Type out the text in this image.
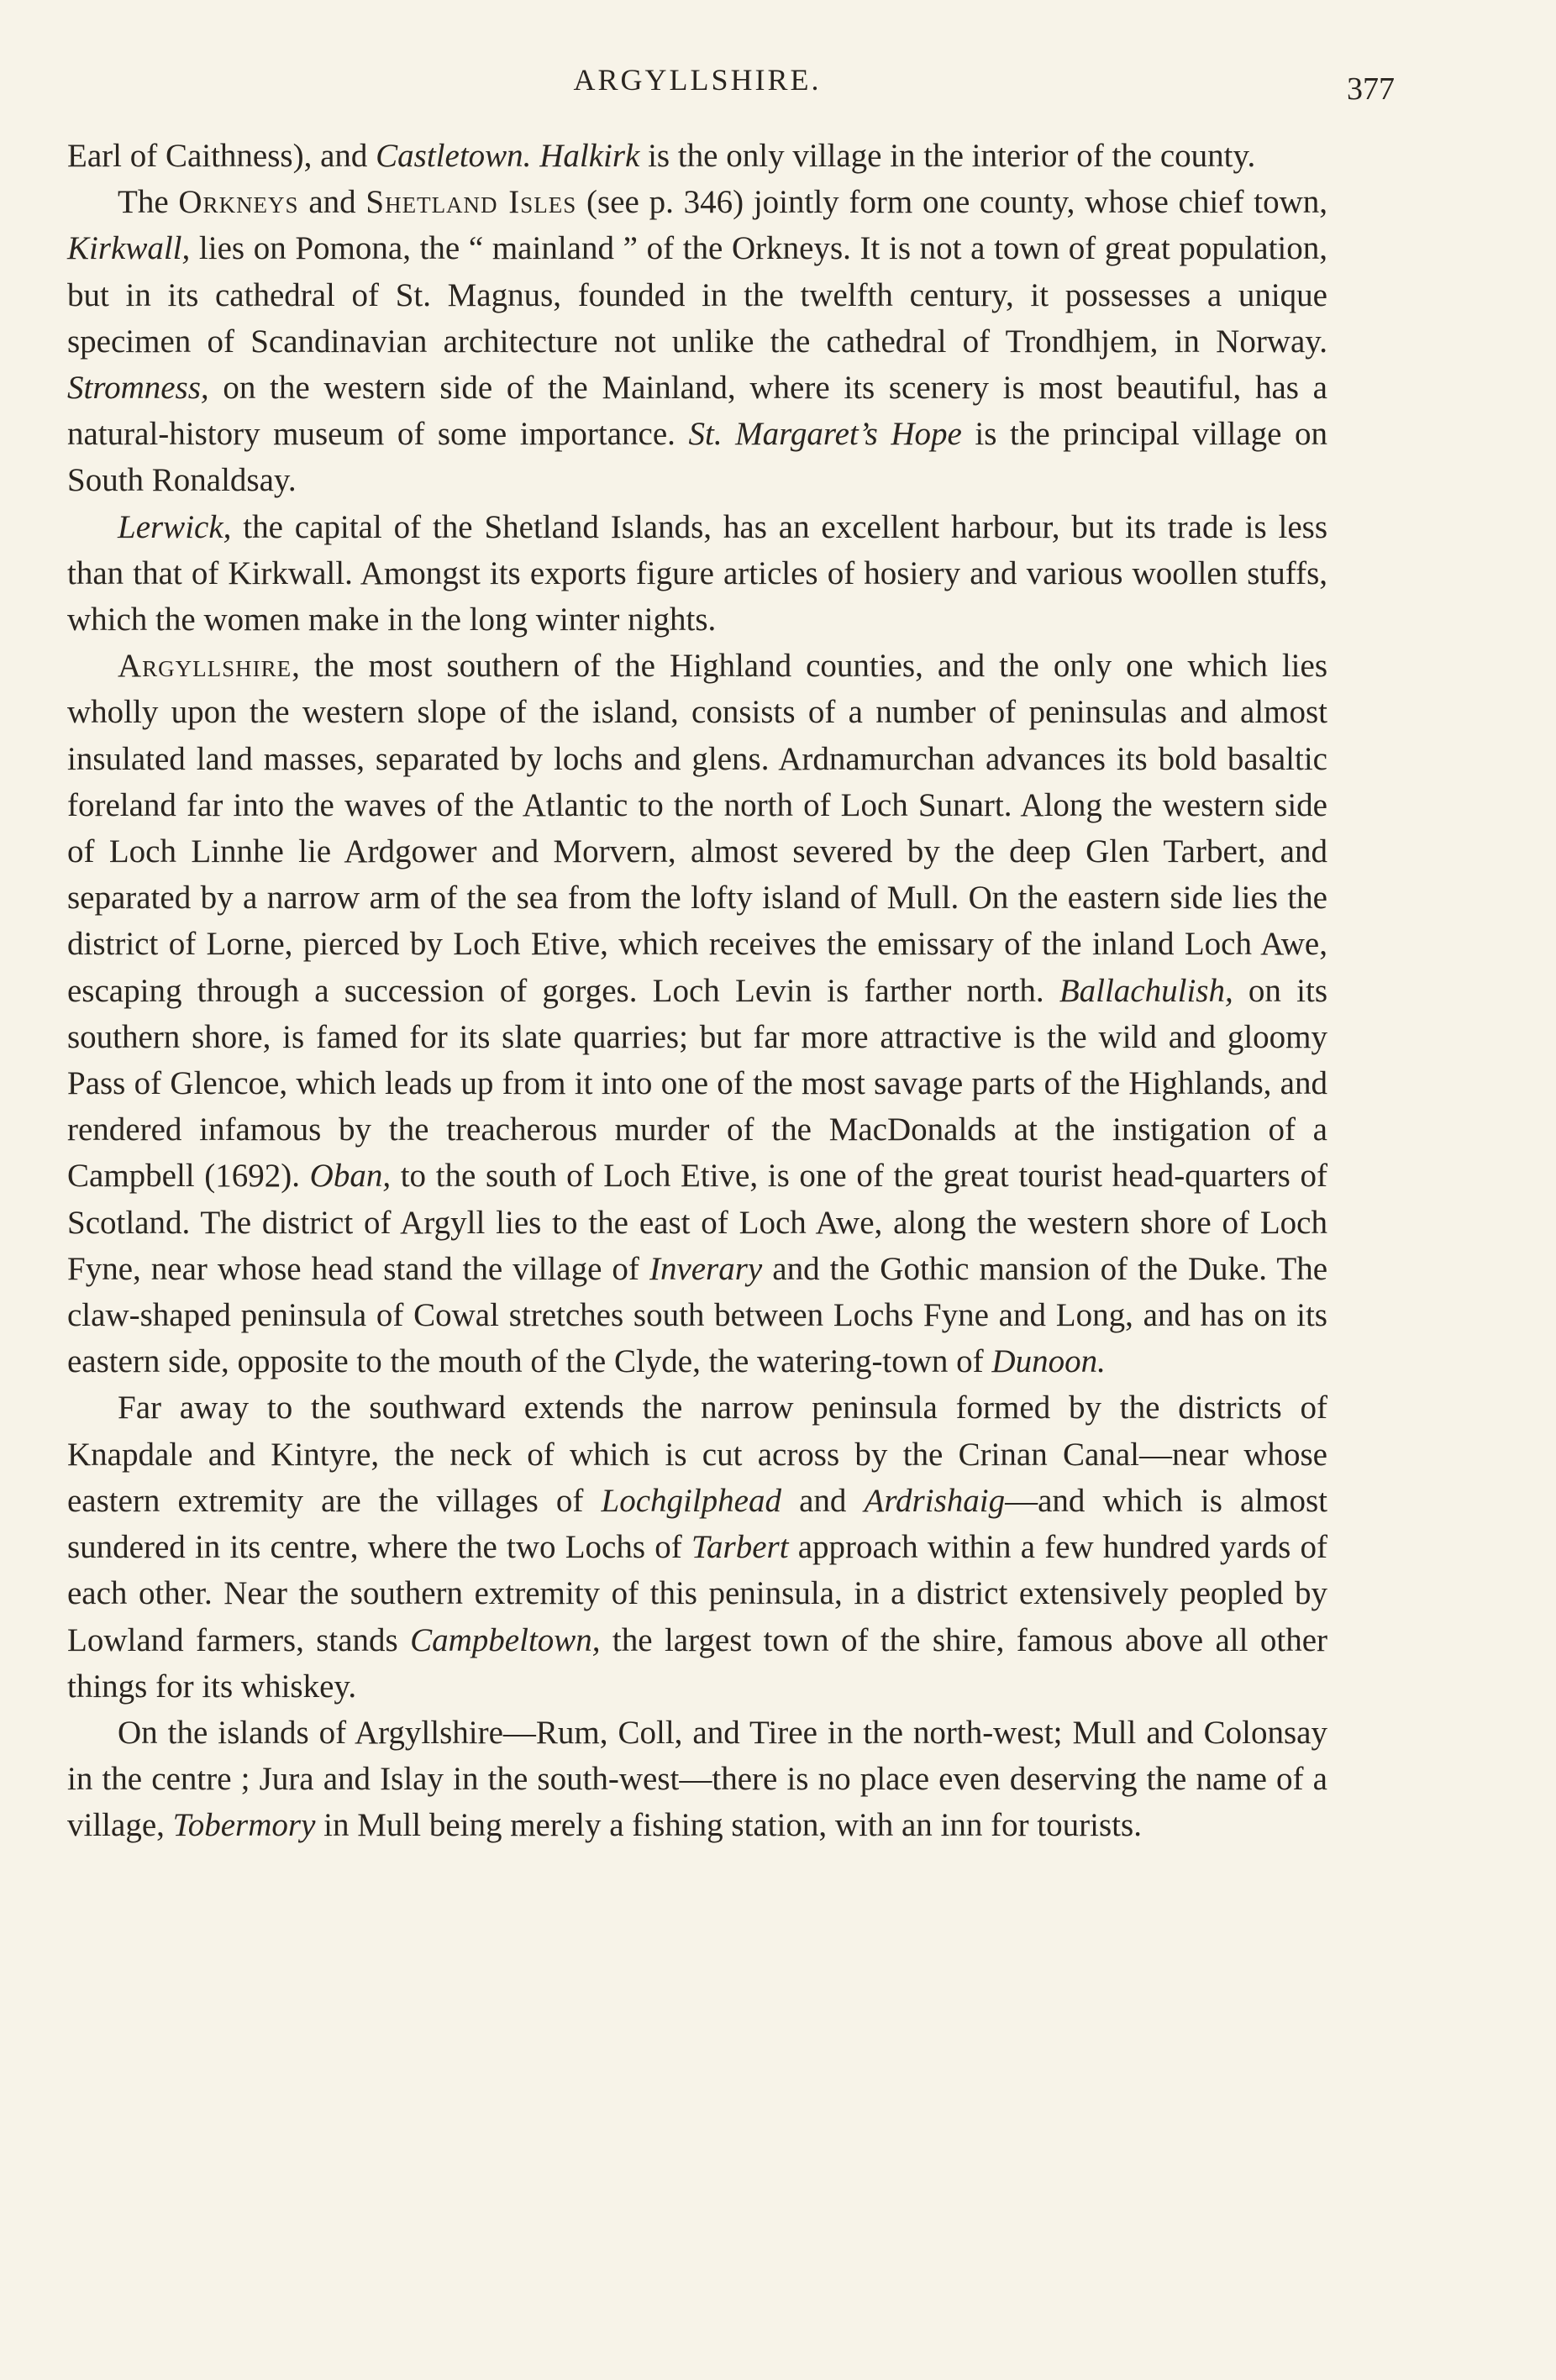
ARGYLLSHIRE.	377

Earl of Caithness), and Castletown. Halkirk is the only village in the interior of the county.

The Orkneys and Shetland Isles (see p. 346) jointly form one county, whose chief town, Kirkwall, lies on Pomona, the “ mainland ” of the Orkneys. It is not a town of great population, but in its cathedral of St. Magnus, founded in the twelfth century, it possesses a unique specimen of Scandinavian architecture not unlike the cathedral of Trondhjem, in Norway. Stromness, on the western side of the Mainland, where its scenery is most beautiful, has a natural-history museum of some importance. St. Margaret’s Hope is the principal village on South Ronaldsay.

Lerwick, the capital of the Shetland Islands, has an excellent harbour, but its trade is less than that of Kirkwall. Amongst its exports figure articles of hosiery and various woollen stuffs, which the women make in the long winter nights.

Argyllshire, the most southern of the Highland counties, and the only one which lies wholly upon the western slope of the island, consists of a number of peninsulas and almost insulated land masses, separated by lochs and glens. Ardnamurchan advances its bold basaltic foreland far into the waves of the Atlantic to the north of Loch Sunart. Along the western side of Loch Linnhe lie Ardgower and Morvern, almost severed by the deep Glen Tarbert, and separated by a narrow arm of the sea from the lofty island of Mull. On the eastern side lies the district of Lorne, pierced by Loch Etive, which receives the emissary of the inland Loch Awe, escaping through a succession of gorges. Loch Levin is farther north. Ballachulish, on its southern shore, is famed for its slate quarries; but far more attractive is the wild and gloomy Pass of Glencoe, which leads up from it into one of the most savage parts of the Highlands, and rendered infamous by the treacherous murder of the MacDonalds at the instigation of a Campbell (1692). Oban, to the south of Loch Etive, is one of the great tourist head-quarters of Scotland. The district of Argyll lies to the east of Loch Awe, along the western shore of Loch Fyne, near whose head stand the village of Inverary and the Gothic mansion of the Duke. The claw-shaped peninsula of Cowal stretches south between Lochs Fyne and Long, and has on its eastern side, opposite to the mouth of the Clyde, the watering-town of Dunoon.

Far away to the southward extends the narrow peninsula formed by the districts of Knapdale and Kintyre, the neck of which is cut across by the Crinan Canal—near whose eastern extremity are the villages of Lochgilphead and Ardrishaig—and which is almost sundered in its centre, where the two Lochs of Tarbert approach within a few hundred yards of each other. Near the southern extremity of this peninsula, in a district extensively peopled by Lowland farmers, stands Campbeltown, the largest town of the shire, famous above all other things for its whiskey.

On the islands of Argyllshire—Rum, Coll, and Tiree in the north-west; Mull and Colonsay in the centre ; Jura and Islay in the south-west—there is no place even deserving the name of a village, Tobermory in Mull being merely a fishing station, with an inn for tourists.
